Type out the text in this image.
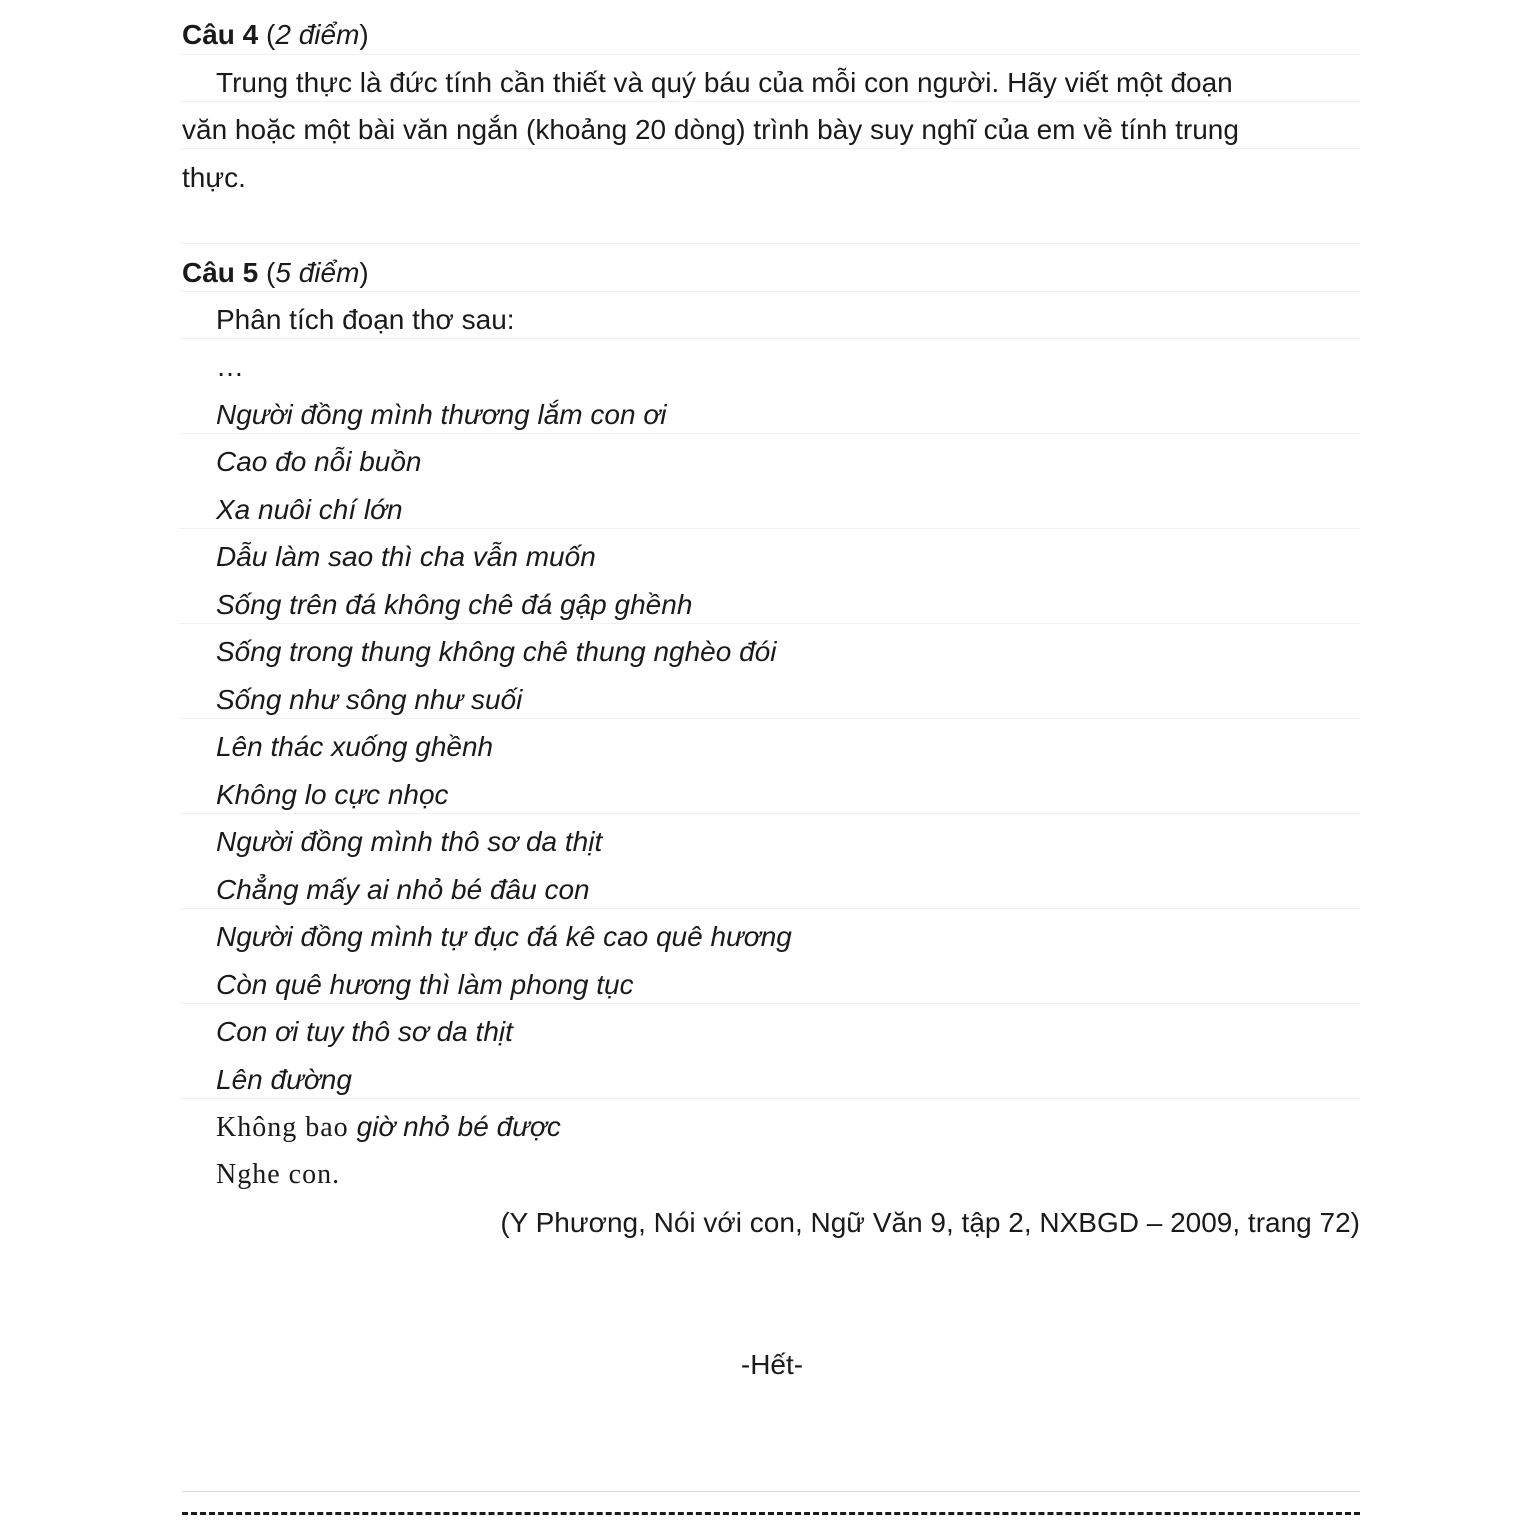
Câu 4 (2 điểm)
Trung thực là đức tính cần thiết và quý báu của mỗi con người. Hãy viết một đoạn
văn hoặc một bài văn ngắn (khoảng 20 dòng) trình bày suy nghĩ của em về tính trung
thực.
Câu 5 (5 điểm)
Phân tích đoạn thơ sau:
…
Người đồng mình thương lắm con ơi
Cao đo nỗi buồn
Xa nuôi chí lớn
Dẫu làm sao thì cha vẫn muốn
Sống trên đá không chê đá gập ghềnh
Sống trong thung không chê thung nghèo đói
Sống như sông như suối
Lên thác xuống ghềnh
Không lo cực nhọc
Người đồng mình thô sơ da thịt
Chẳng mấy ai nhỏ bé đâu con
Người đồng mình tự đục đá kê cao quê hương
Còn quê hương thì làm phong tục
Con ơi tuy thô sơ da thịt
Lên đường
Không bao giờ nhỏ bé được
Nghe con.
(Y Phương, Nói với con, Ngữ Văn 9, tập 2, NXBGD – 2009, trang 72)
-Hết-
